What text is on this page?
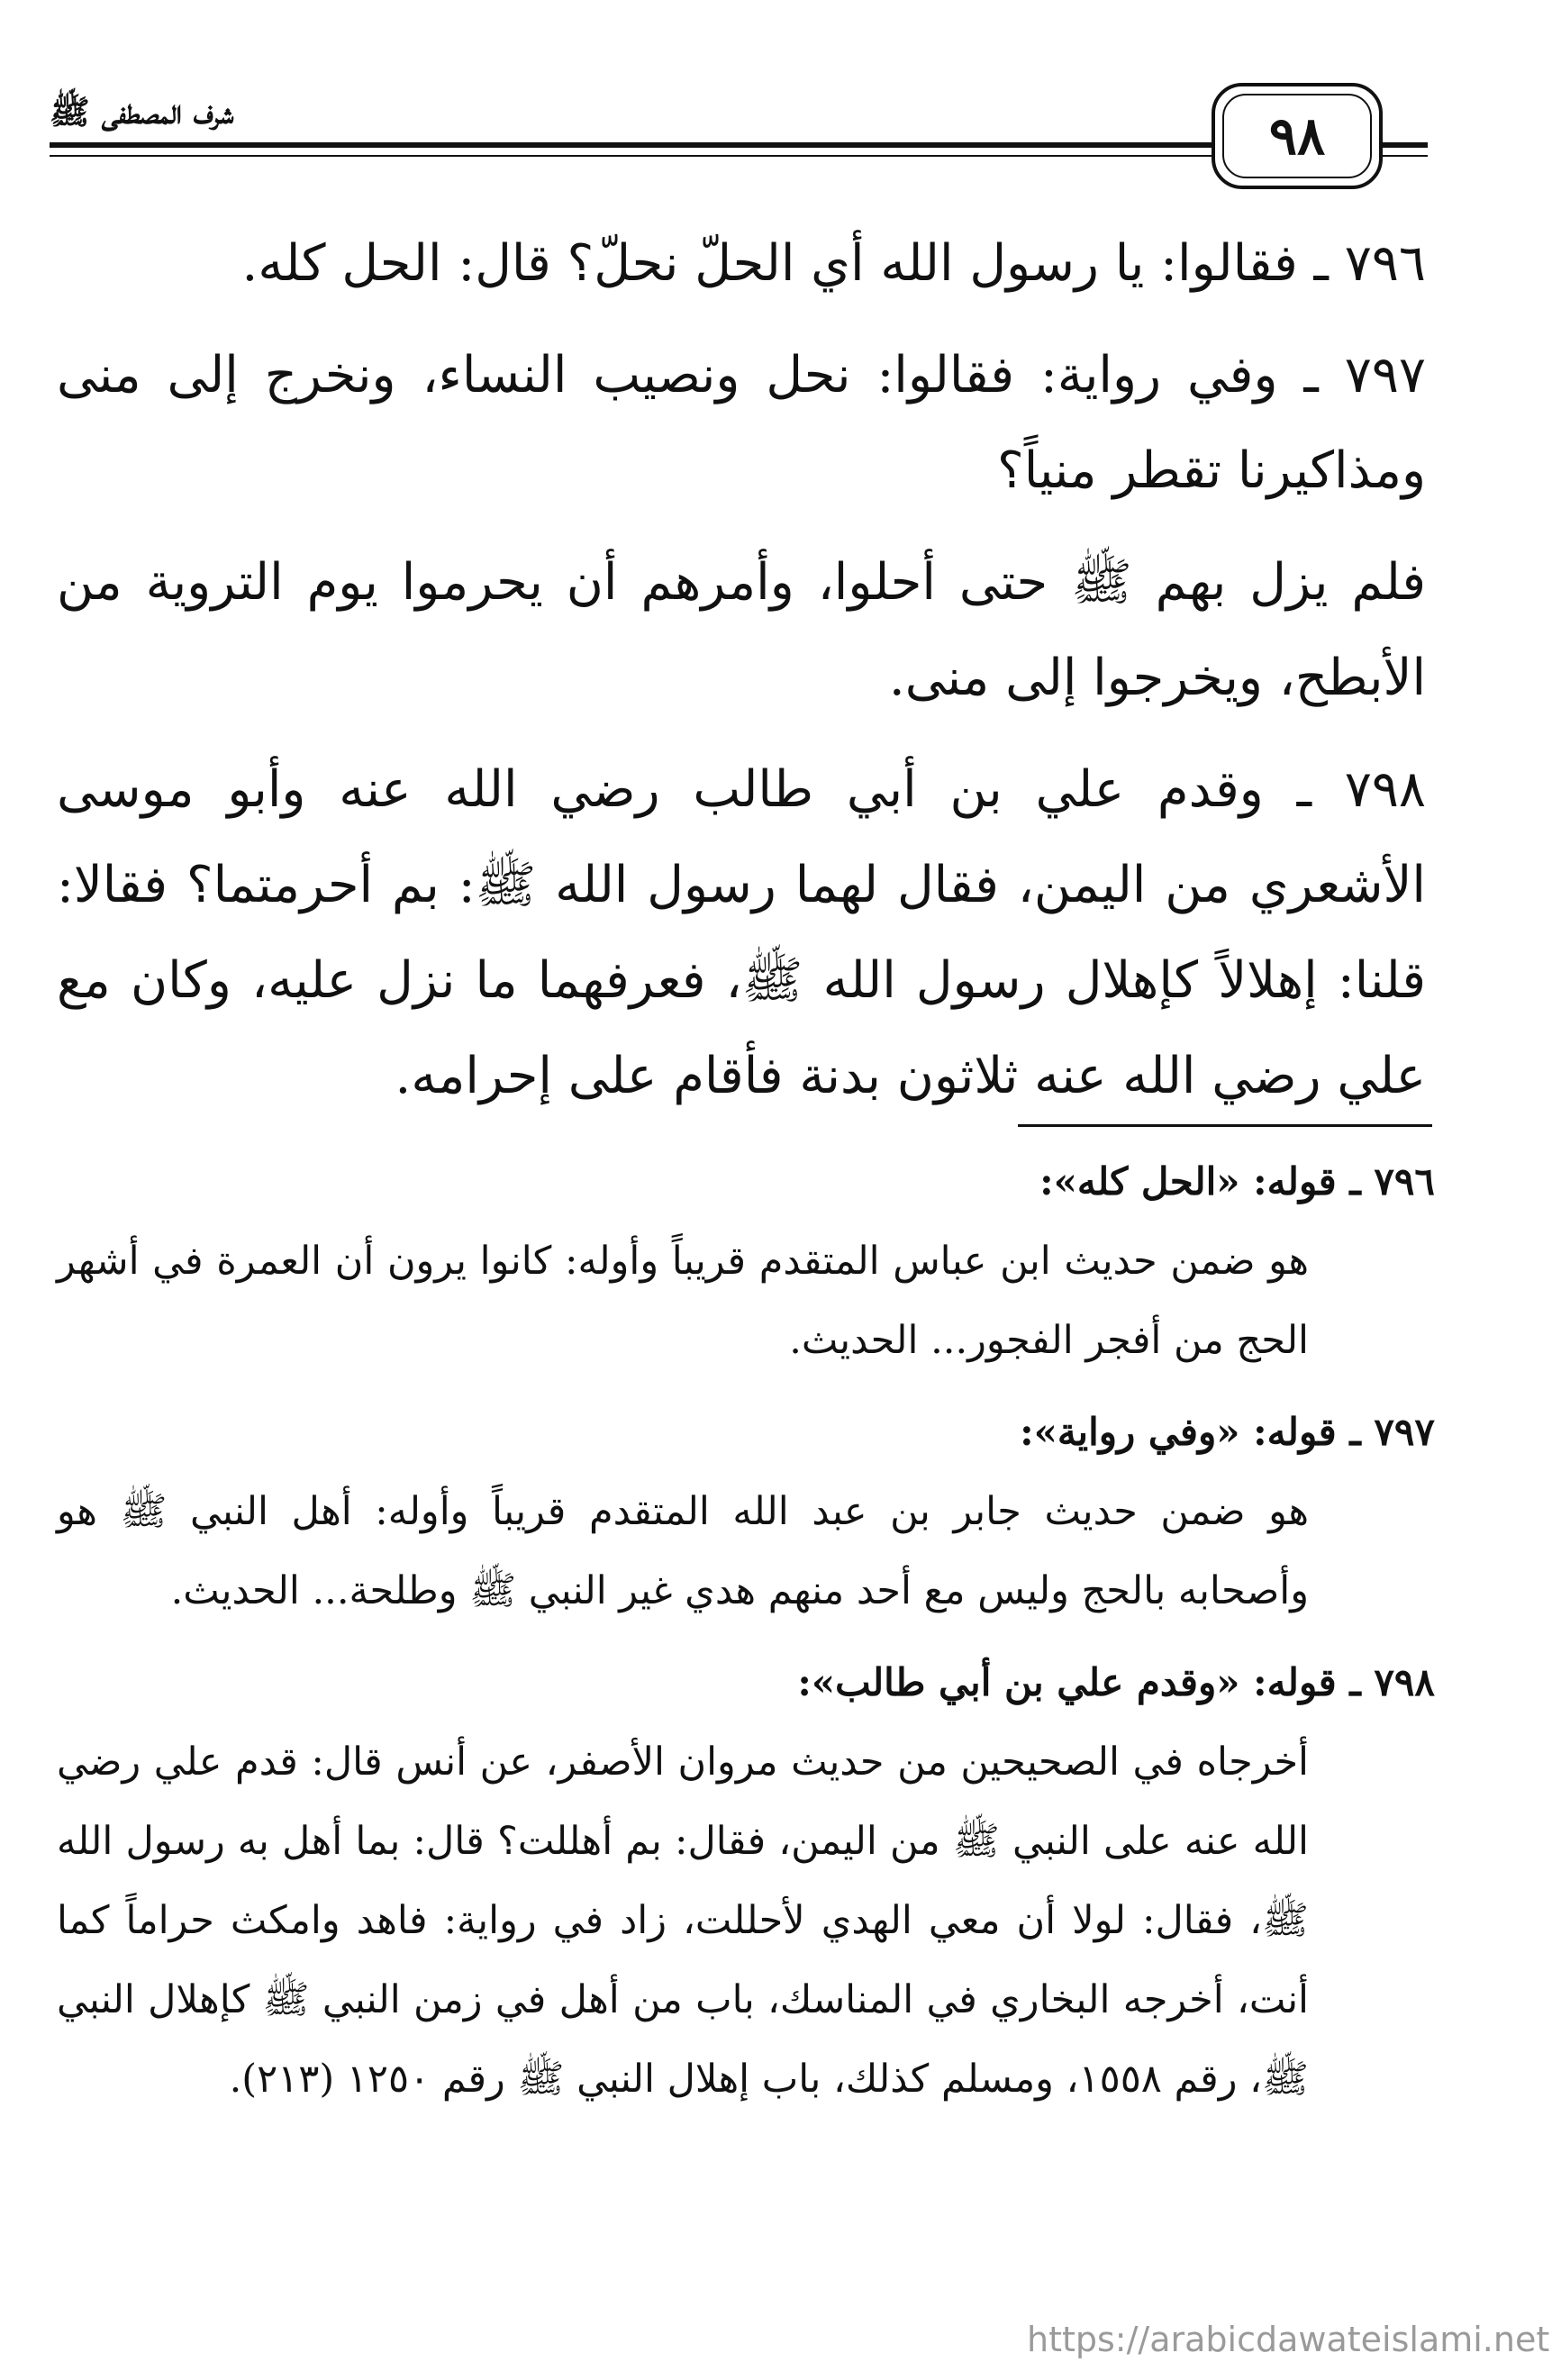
شرف المصطفى ﷺ	٩٨

٧٩٦ ـ فقالوا: يا رسول الله أي الحلّ نحلّ؟ قال: الحل كله.

٧٩٧ ـ وفي رواية: فقالوا: نحل ونصيب النساء، ونخرج إلى منى ومذاكيرنا تقطر منياً؟

فلم يزل بهم ﷺ حتى أحلوا، وأمرهم أن يحرموا يوم التروية من الأبطح، ويخرجوا إلى منى.

٧٩٨ ـ وقدم علي بن أبي طالب رضي الله عنه وأبو موسى الأشعري من اليمن، فقال لهما رسول الله ﷺ: بم أحرمتما؟ فقالا: قلنا: إهلالاً كإهلال رسول الله ﷺ، فعرفهما ما نزل عليه، وكان مع علي رضي الله عنه ثلاثون بدنة فأقام على إحرامه.

٧٩٦ ـ قوله: «الحل كله»:
هو ضمن حديث ابن عباس المتقدم قريباً وأوله: كانوا يرون أن العمرة في أشهر الحج من أفجر الفجور... الحديث.
٧٩٧ ـ قوله: «وفي رواية»:
هو ضمن حديث جابر بن عبد الله المتقدم قريباً وأوله: أهل النبي ﷺ هو وأصحابه بالحج وليس مع أحد منهم هدي غير النبي ﷺ وطلحة... الحديث.
٧٩٨ ـ قوله: «وقدم علي بن أبي طالب»:
أخرجاه في الصحيحين من حديث مروان الأصفر، عن أنس قال: قدم علي رضي الله عنه على النبي ﷺ من اليمن، فقال: بم أهللت؟ قال: بما أهل به رسول الله ﷺ، فقال: لولا أن معي الهدي لأحللت، زاد في رواية: فاهد وامكث حراماً كما أنت، أخرجه البخاري في المناسك، باب من أهل في زمن النبي ﷺ كإهلال النبي ﷺ، رقم ١٥٥٨، ومسلم كذلك، باب إهلال النبي ﷺ رقم ١٢٥٠ (٢١٣).
https://arabicdawateislami.net
